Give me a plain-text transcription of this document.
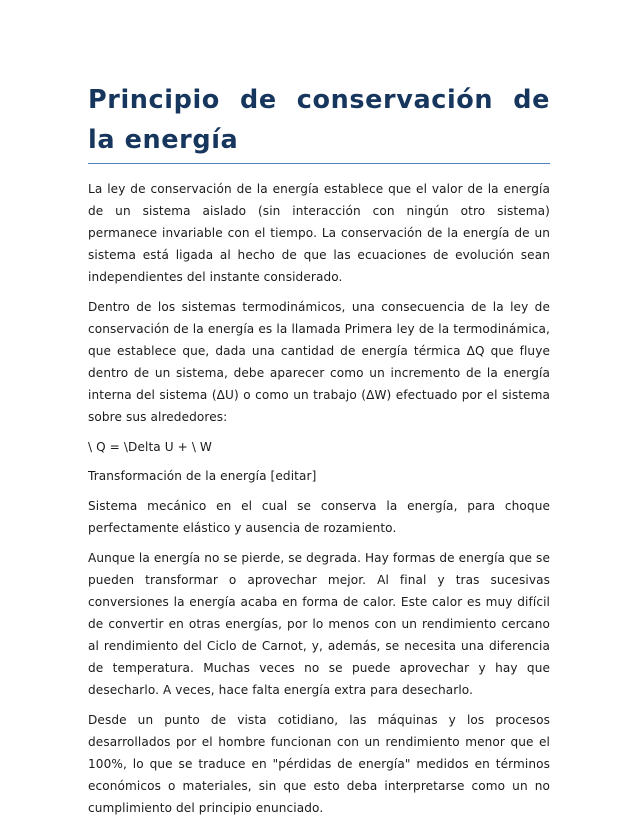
Principio de conservación de la energía

La ley de conservación de la energía establece que el valor de la energía de un sistema aislado (sin interacción con ningún otro sistema) permanece invariable con el tiempo. La conservación de la energía de un sistema está ligada al hecho de que las ecuaciones de evolución sean independientes del instante considerado.

Dentro de los sistemas termodinámicos, una consecuencia de la ley de conservación de la energía es la llamada Primera ley de la termodinámica, que establece que, dada una cantidad de energía térmica ΔQ que fluye dentro de un sistema, debe aparecer como un incremento de la energía interna del sistema (ΔU) o como un trabajo (ΔW) efectuado por el sistema sobre sus alrededores:

\ Q = \Delta U + \ W

Transformación de la energía [editar]

Sistema mecánico en el cual se conserva la energía, para choque perfectamente elástico y ausencia de rozamiento.

Aunque la energía no se pierde, se degrada. Hay formas de energía que se pueden transformar o aprovechar mejor. Al final y tras sucesivas conversiones la energía acaba en forma de calor. Este calor es muy difícil de convertir en otras energías, por lo menos con un rendimiento cercano al rendimiento del Ciclo de Carnot, y, además, se necesita una diferencia de temperatura. Muchas veces no se puede aprovechar y hay que desecharlo. A veces, hace falta energía extra para desecharlo.

Desde un punto de vista cotidiano, las máquinas y los procesos desarrollados por el hombre funcionan con un rendimiento menor que el 100%, lo que se traduce en "pérdidas de energía" medidos en términos económicos o materiales, sin que esto deba interpretarse como un no cumplimiento del principio enunciado.
